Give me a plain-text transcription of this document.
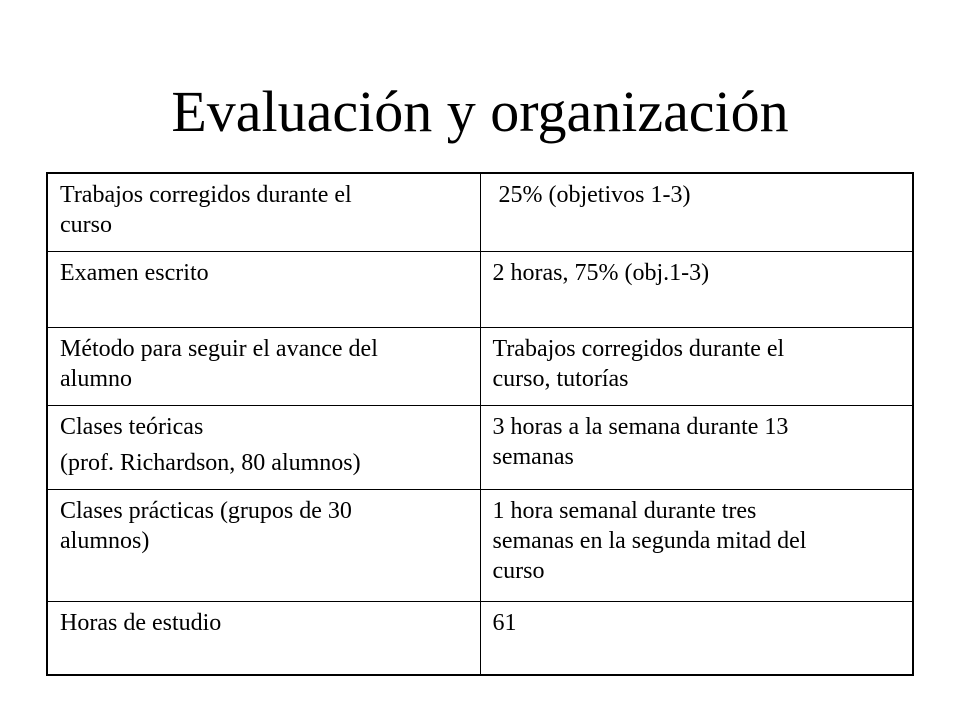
Evaluación y organización
Trabajos corregidos durante el
curso	25% (objetivos 1-3)

Examen escrito	2 horas, 75% (obj.1-3)

Método para seguir el avance del
alumno	Trabajos corregidos durante el
curso, tutorías

Clases teóricas
(prof. Richardson, 80 alumnos)	3 horas a la semana durante 13
semanas

Clases prácticas (grupos de 30
alumnos)	1 hora semanal durante tres
semanas en la segunda mitad del
curso

Horas de estudio	61
